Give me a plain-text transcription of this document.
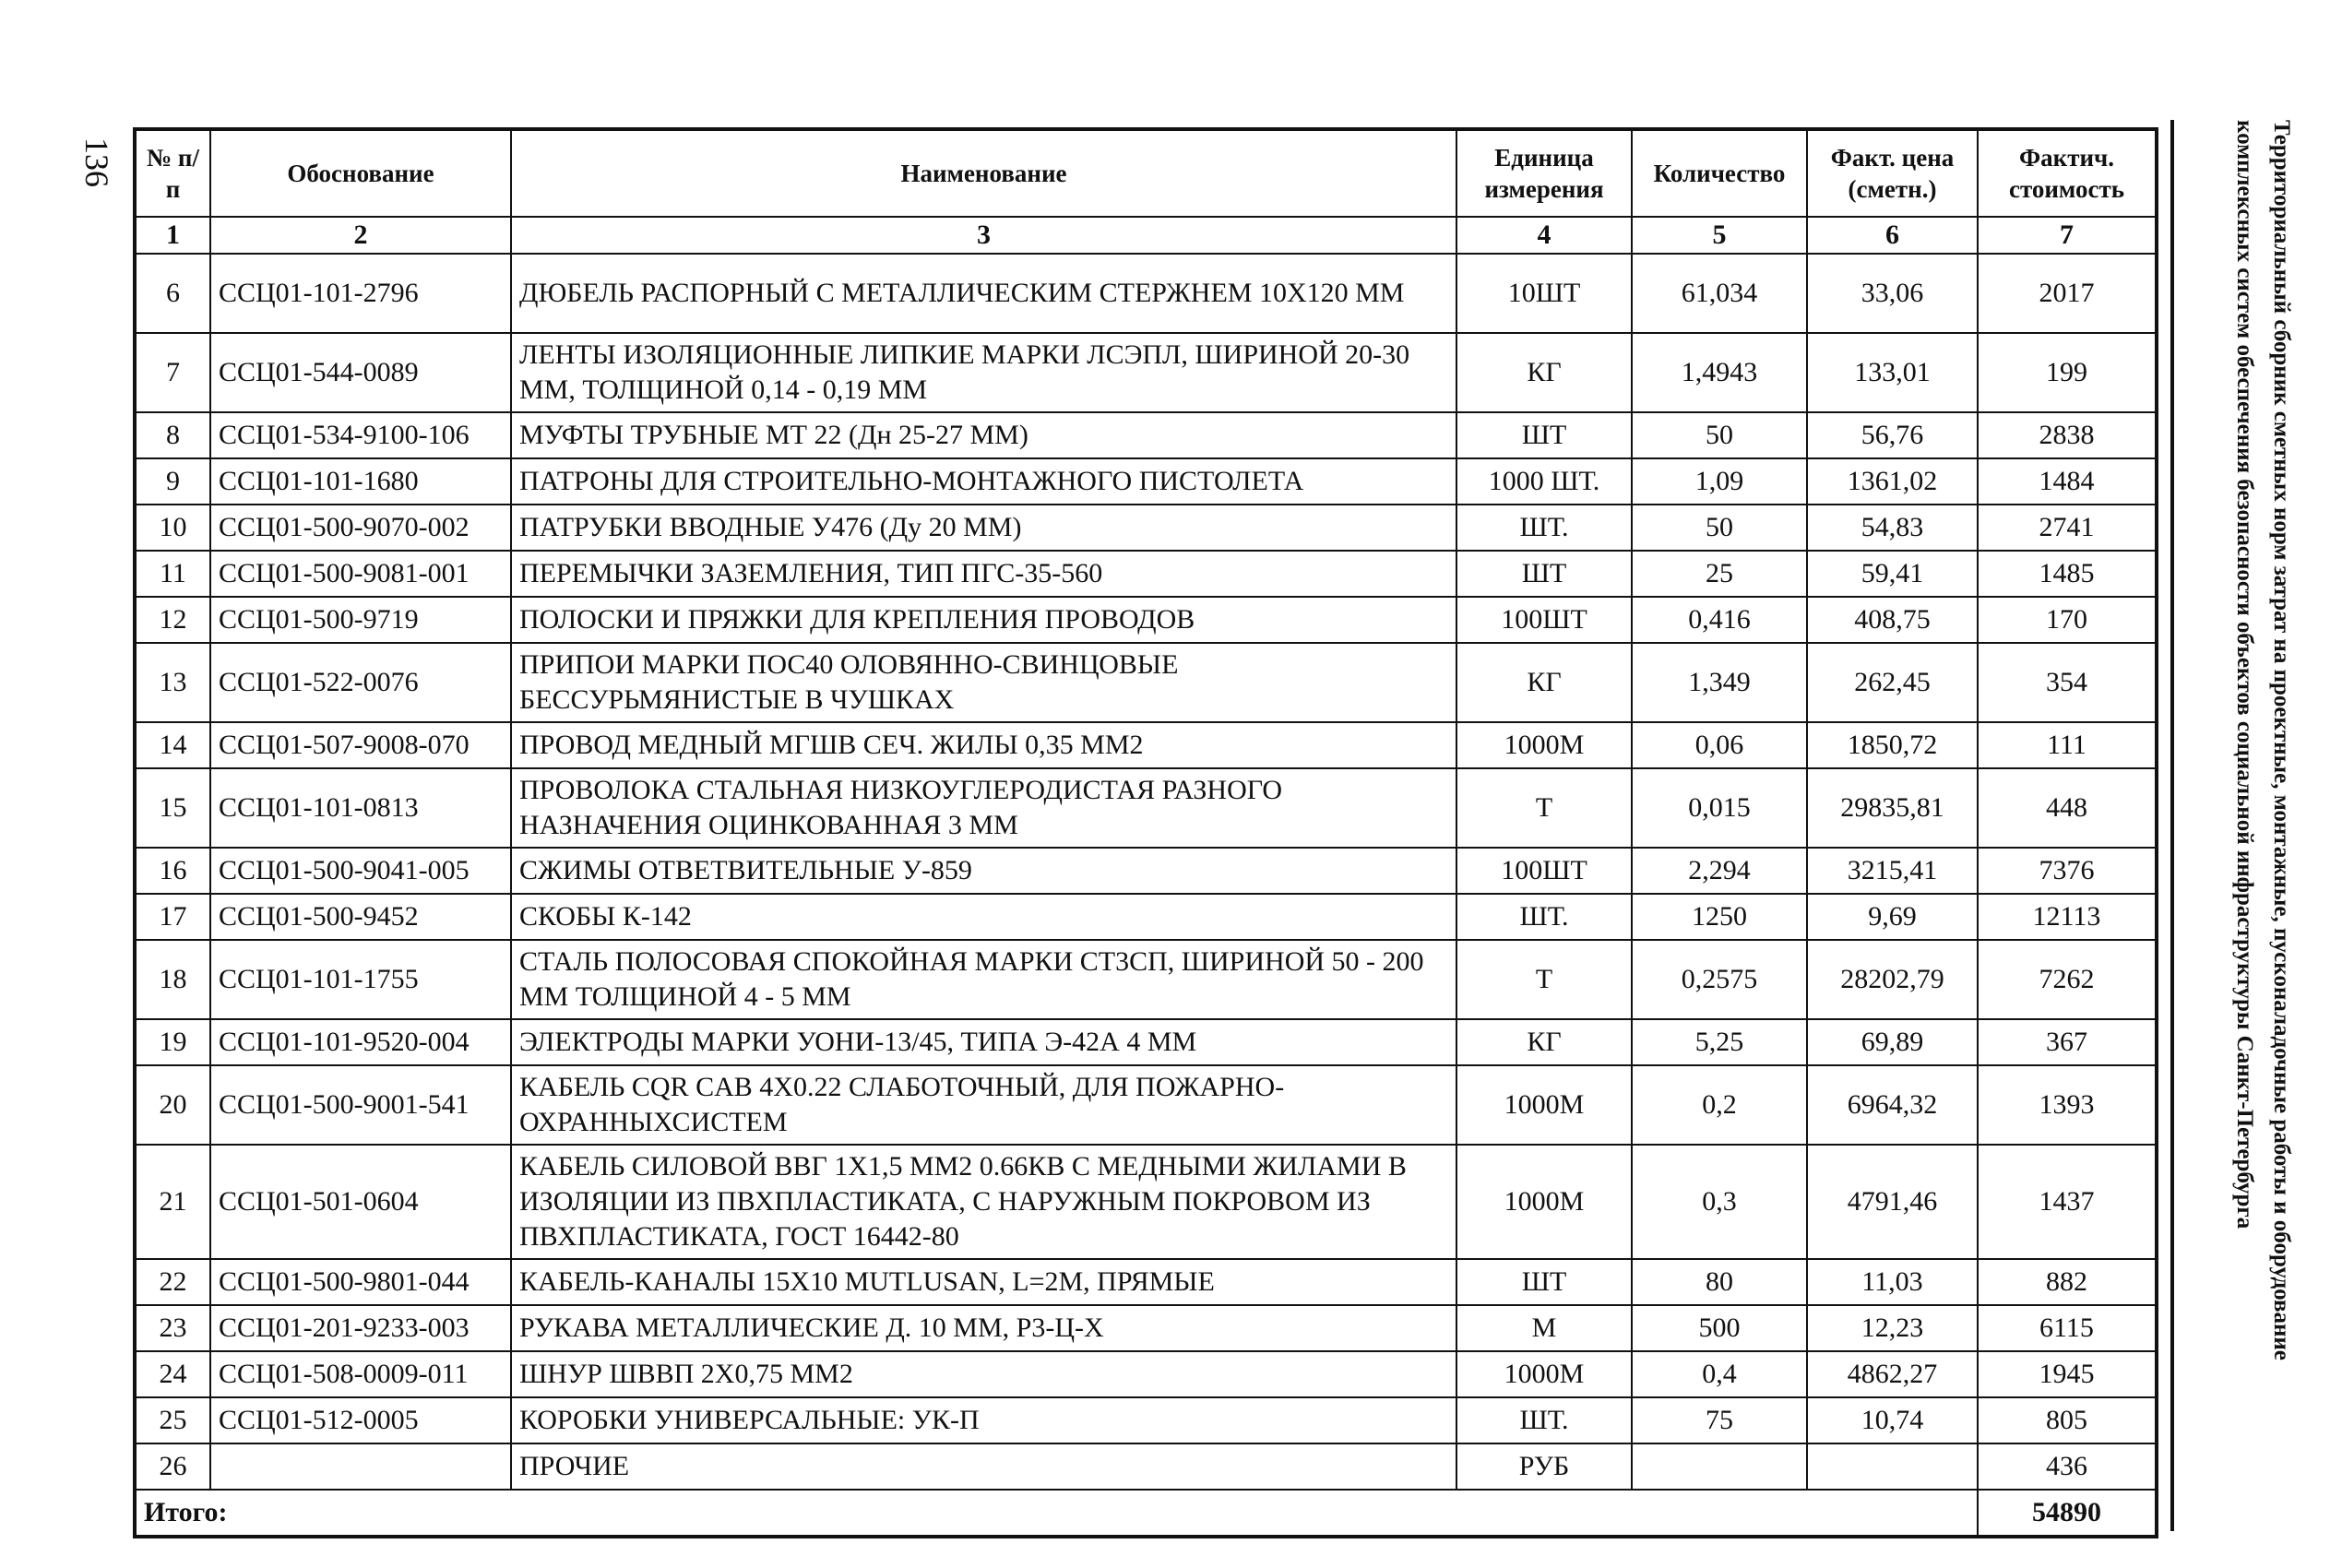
136	Территориальный сборник сметных норм затрат на проектные, монтажные, пусконаладочные работы и оборудование
комплексных систем обеспечения безопасности объектов социальной инфраструктуры Санкт-Петербурга
№ п/п	Обоснование	Наименование	Единица измерения	Количество	Факт. цена (сметн.)	Фактич. стоимость
1	2	3	4	5	6	7
6	ССЦ01-101-2796	ДЮБЕЛЬ РАСПОРНЫЙ С МЕТАЛЛИЧЕСКИМ СТЕРЖНЕМ 10Х120 ММ	10ШТ	61,034	33,06	2017
7	ССЦ01-544-0089	ЛЕНТЫ ИЗОЛЯЦИОННЫЕ ЛИПКИЕ МАРКИ ЛСЭПЛ, ШИРИНОЙ 20-30 ММ, ТОЛЩИНОЙ 0,14 - 0,19 ММ	КГ	1,4943	133,01	199
8	ССЦ01-534-9100-106	МУФТЫ ТРУБНЫЕ МТ 22 (Дн 25-27 ММ)	ШТ	50	56,76	2838
9	ССЦ01-101-1680	ПАТРОНЫ ДЛЯ СТРОИТЕЛЬНО-МОНТАЖНОГО ПИСТОЛЕТА	1000 ШТ.	1,09	1361,02	1484
10	ССЦ01-500-9070-002	ПАТРУБКИ ВВОДНЫЕ У476 (Ду 20 ММ)	ШТ.	50	54,83	2741
11	ССЦ01-500-9081-001	ПЕРЕМЫЧКИ ЗАЗЕМЛЕНИЯ, ТИП ПГС-35-560	ШТ	25	59,41	1485
12	ССЦ01-500-9719	ПОЛОСКИ И ПРЯЖКИ ДЛЯ КРЕПЛЕНИЯ ПРОВОДОВ	100ШТ	0,416	408,75	170
13	ССЦ01-522-0076	ПРИПОИ МАРКИ ПОС40 ОЛОВЯННО-СВИНЦОВЫЕ БЕССУРЬМЯНИСТЫЕ В ЧУШКАХ	КГ	1,349	262,45	354
14	ССЦ01-507-9008-070	ПРОВОД МЕДНЫЙ МГШВ СЕЧ. ЖИЛЫ 0,35 ММ2	1000М	0,06	1850,72	111
15	ССЦ01-101-0813	ПРОВОЛОКА СТАЛЬНАЯ НИЗКОУГЛЕРОДИСТАЯ РАЗНОГО НАЗНАЧЕНИЯ ОЦИНКОВАННАЯ 3 ММ	Т	0,015	29835,81	448
16	ССЦ01-500-9041-005	СЖИМЫ ОТВЕТВИТЕЛЬНЫЕ У-859	100ШТ	2,294	3215,41	7376
17	ССЦ01-500-9452	СКОБЫ К-142	ШТ.	1250	9,69	12113
18	ССЦ01-101-1755	СТАЛЬ ПОЛОСОВАЯ СПОКОЙНАЯ МАРКИ СТ3СП, ШИРИНОЙ 50 - 200 ММ ТОЛЩИНОЙ 4 - 5 ММ	Т	0,2575	28202,79	7262
19	ССЦ01-101-9520-004	ЭЛЕКТРОДЫ МАРКИ УОНИ-13/45, ТИПА Э-42А 4 ММ	КГ	5,25	69,89	367
20	ССЦ01-500-9001-541	КАБЕЛЬ CQR CAB 4X0.22 СЛАБОТОЧНЫЙ, ДЛЯ ПОЖАРНО-ОХРАННЫХСИСТЕМ	1000М	0,2	6964,32	1393
21	ССЦ01-501-0604	КАБЕЛЬ СИЛОВОЙ ВВГ 1Х1,5 ММ2 0.66КВ С МЕДНЫМИ ЖИЛАМИ В ИЗОЛЯЦИИ ИЗ ПВХПЛАСТИКАТА, С НАРУЖНЫМ ПОКРОВОМ ИЗ ПВХПЛАСТИКАТА, ГОСТ 16442-80	1000М	0,3	4791,46	1437
22	ССЦ01-500-9801-044	КАБЕЛЬ-КАНАЛЫ 15Х10 MUTLUSAN, L=2М, ПРЯМЫЕ	ШТ	80	11,03	882
23	ССЦ01-201-9233-003	РУКАВА МЕТАЛЛИЧЕСКИЕ Д. 10 ММ, Р3-Ц-Х	М	500	12,23	6115
24	ССЦ01-508-0009-011	ШНУР ШВВП 2Х0,75 ММ2	1000М	0,4	4862,27	1945
25	ССЦ01-512-0005	КОРОБКИ УНИВЕРСАЛЬНЫЕ: УК-П	ШТ.	75	10,74	805
26		ПРОЧИЕ	РУБ			436
Итого:						54890
